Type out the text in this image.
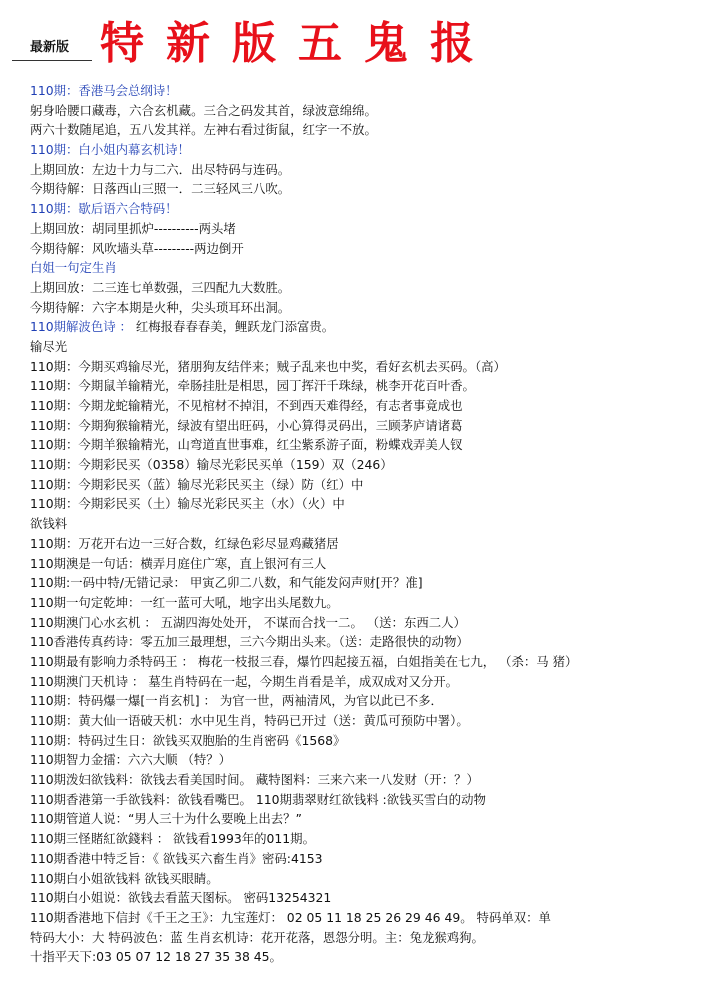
最新版 特新版五鬼报
110期：香港马会总纲诗！
躬身哈腰口藏毒，六合玄机藏。三合之码发其首，绿波意绵绵。
两六十数随尾追，五八发其祥。左神右看过街鼠，红字一不放。
110期：白小姐内幕玄机诗！
上期回放：左边十力与二六．出尽特码与连码。
今期待解：日落西山三照一．二三轻风三八吹。
110期：歇后语六合特码！
上期回放：胡同里抓炉----------两头堵
今期待解：风吹墙头草---------两边倒开
白姐一句定生肖
上期回放：二三连七单数强，三四配九大数胜。
今期待解：六字本期是火种，尖头琐耳环出洞。
110期解波色诗 ： 红梅报春春春美，鲤跃龙门添富贵。
输尽光
110期：今期买鸡输尽光，猪朋狗友结伴来；贼子乱来也中奖，看好玄机去买码。（高）
110期：今期鼠羊输精光，牵肠挂肚是相思，园丁挥汗千珠绿，桃李开花百叶香。
110期：今期龙蛇输精光，不见棺材不掉泪，不到西天难得经，有志者事竟成也
110期：今期狗猴输精光，绿波有望出旺码，小心算得灵码出，三顾茅庐请诸葛
110期：今期羊猴输精光，山弯道直世事难，红尘紫系游子面，粉蝶戏弄美人钗
110期：今期彩民买（0358）输尽光彩民买单（159）双（246）
110期：今期彩民买（蓝）输尽光彩民买主（绿）防（红）中
110期：今期彩民买（土）输尽光彩民买主（水）（火）中
欲钱料
110期：万花开右边一三好合数，红绿色彩尽显鸡藏猪居
110期澳是一句话：横弄月庭住广寒，直上银河有三人
110期:一码中特/无错记录： 甲寅乙卯二八数，和气能发闷声财[开？准]
110期一句定乾坤：一红一蓝可大吼，地字出头尾数九。
110期澳门心水玄机 ： 五湖四海处处开， 不谋而合找一二。 （送：东西二人）
110香港传真药诗：零五加三最理想，三六今期出头来。（送：走路很快的动物）
110期最有影响力杀特码王 ： 梅花一枝报三春，爆竹四起接五福，白姐指美在七九， （杀：马 猪）
110期澳门天机诗 ： 墓生肖特码在一起，今期生肖看是羊，成双成对又分开。
110期：特码爆一爆[一肖玄机] ： 为官一世，两袖清风，为官以此已不多．
110期：黄大仙一语破天机：水中见生肖，特码已开过（送：黄瓜可预防中署）。
110期：特码过生日：欲钱买双胞胎的生肖密码《1568》
110期智力金擂：六六大顺 （特？）
110期泼妇欲钱料：欲钱去看美国时间。 藏特图料：三来六来一八发财（开：？）
110期香港第一手欲钱料：欲钱看嘴巴。 110期翡翠财红欲钱料 :欲钱买雪白的动物
110期管道人说：“男人三十为什么要晚上出去？”
110期三怪賭紅欲錢料 ： 欲钱看1993年的011期。
110期香港中特乏旨：《 欲钱买六畜生肖》密码:4153
110期白小姐欲钱料 欲钱买眼睛。
110期白小姐说：欲钱去看蓝天图标。 密码13254321
110期香港地下信封《千王之王》：九宝莲灯： 02 05 11 18 25 26 29 46 49。 特码单双：单
特码大小：大 特码波色：蓝 生肖玄机诗：花开花落，恩怨分明。主：兔龙猴鸡狗。
十指平天下:03 05 07 12 18 27 35 38 45。
